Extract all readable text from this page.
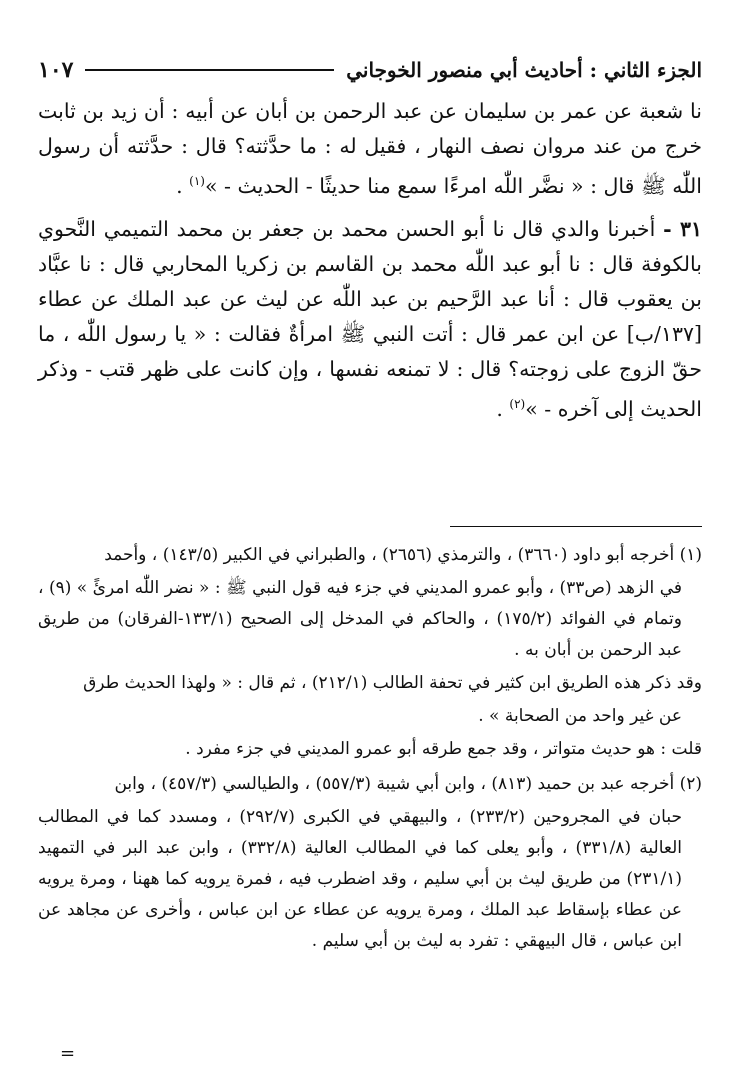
الجزء الثاني : أحاديث أبي منصور الخوجاني
١٠٧

نا شعبة عن عمر بن سليمان عن عبد الرحمن بن أبان عن أبيه : أن زيد بن ثابت خرج من عند مروان نصف النهار ، فقيل له : ما حدَّثته؟ قال : حدَّثته أن رسول اللّٰه ﷺ قال : « نضَّر اللّٰه امرءًا سمع منا حديثًا - الحديث - »$^{(١)}$ .

٣١ - أخبرنا والدي قال نا أبو الحسن محمد بن جعفر بن محمد التميمي النَّحوي بالكوفة قال : نا أبو عبد اللّٰه محمد بن القاسم بن زكريا المحاربي قال : نا عبَّاد بن يعقوب قال : أنا عبد الرَّحيم بن عبد اللّٰه عن ليث عن عبد الملك عن عطاء [١٣٧/ب] عن ابن عمر قال : أتت النبي ﷺ امرأةٌ فقالت : « يا رسول اللّٰه ، ما حقّ الزوج على زوجته؟ قال : لا تمنعه نفسها ، وإن كانت على ظهر قتب - وذكر الحديث إلى آخره - »$^{(٢)}$ .

(١) أخرجه أبو داود (٣٦٦٠) ، والترمذي (٢٦٥٦) ، والطبراني في الكبير (١٤٣/٥) ، وأحمد

في الزهد (ص٣٣) ، وأبو عمرو المديني في جزء فيه قول النبي ﷺ : « نضر اللّٰه امرئً » (٩) ، وتمام في الفوائد (١٧٥/٢) ، والحاكم في المدخل إلى الصحيح (١٣٣/١-الفرقان) من طريق عبد الرحمن بن أبان به .

وقد ذكر هذه الطريق ابن كثير في تحفة الطالب (٢١٢/١) ، ثم قال : « ولهذا الحديث طرق

عن غير واحد من الصحابة » .

قلت : هو حديث متواتر ، وقد جمع طرقه أبو عمرو المديني في جزء مفرد .

(٢) أخرجه عبد بن حميد (٨١٣) ، وابن أبي شيبة (٥٥٧/٣) ، والطيالسي (٤٥٧/٣) ، وابن

حبان في المجروحين (٢٣٣/٢) ، والبيهقي في الكبرى (٢٩٢/٧) ، ومسدد كما في المطالب العالية (٣٣١/٨) ، وأبو يعلى كما في المطالب العالية (٣٣٢/٨) ، وابن عبد البر في التمهيد (٢٣١/١) من طريق ليث بن أبي سليم ، وقد اضطرب فيه ، فمرة يرويه كما ههنا ، ومرة يرويه عن عطاء بإسقاط عبد الملك ، ومرة يرويه عن عطاء عن ابن عباس ، وأخرى عن مجاهد عن ابن عباس ، قال البيهقي : تفرد به ليث بن أبي سليم .

=
